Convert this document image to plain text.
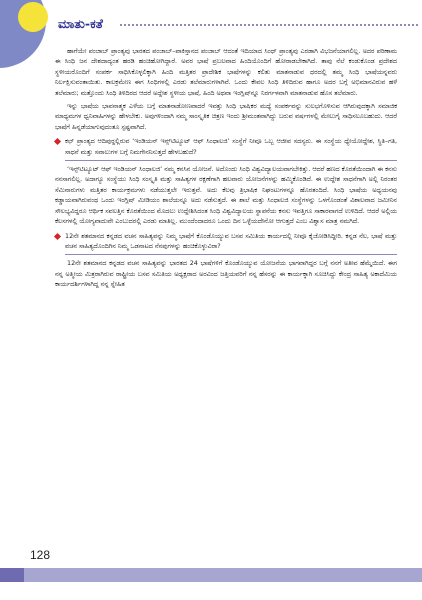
ಮಾತು-ಕತೆ

ಹಾಗೆಯೇ ಪಂಜಾಬ್ ಪ್ರಾಂತ್ಯವು ಭಾರತದ ಪಂಜಾಬ್–ಪಾಕಿಸ್ತಾನದ ಪಂಜಾಬ್ ಆದಂತೆ ಇದಿಯಾದ ಸಿಂಧ್ ಪ್ರಾಂತ್ಯವು ಎರಡಾಗಿ ವಿಭಜನೆಯಾಗಲಿಲ್ಲ. ಅದರ ಪರಿಣಾಮ ಈ ಸಿಂಧಿ ಜನ ದೇಶದಾದ್ಯಂತ ಹರಡಿ ಹಂಚಿಹೋಗಿದ್ದಾರೆ. ಅವರ ಭಾಷೆ ಪ್ರಬಲವಾದ ಹಿಂದಿಯೊಂದಿಗೆ ಹೋರಾಡಬೇಕಾಗಿದೆ. ತಾವು ನೆಲೆ ಕಂಡುಕೊಂಡ ಪ್ರದೇಶದ ಸ್ಥಳೀಯರೊಂದಿಗೆ ಸಂಪರ್ಕ ಸಾಧಿಸಿಕೊಳ್ಳಲಿಕ್ಕಾಗಿ ಹಿಂದಿ ಮತ್ತಿತರ ಪ್ರಾದೇಶಿಕ ಭಾಷೆಗಳನ್ನು ಕಲಿತು ಮಾತನಾಡುವ ಧರದಲ್ಲಿ ತಮ್ಮ ಸಿಂಧಿ ಭಾಷೆಯನ್ನವರು ನಿರ್ಲಕ್ಷಿಸುವಂತಾಯಿತು. ಕಾಲಕ್ರಮೇಣ ಈಗ ಸಿಂಧಿಗಳಲ್ಲಿ ಎರಡು ತಲೆಮಾರುಗಳಾಗಿವೆ. ಒಂದು ಕೇವಲ ಸಿಂಧಿ ತಿಳಿದಿರುವ ಹಾಗೂ ಅದರ ಬಗ್ಗೆ ಅಭಿಮಾನವಿರುವ ಹಳೆ ತಲೆಮಾರು; ಮತ್ತೊಂದು ಸಿಂಧಿ ತಿಳಿದಿರದ ಆದರೆ ಅದ್ದೇಶ ಸ್ಥಳೀಯ ಭಾಷೆ, ಹಿಂದಿ ಅಥವಾ ಇಂಗ್ಲಿಷ್‍ನ್ನೂ ನಿರರ್ಗಳವಾಗಿ ಮಾತನಾಡುವ ಹೊಸ ತಲೆಮಾರು.

ಇನ್ನು ಭಾಷೆಯ ಭಾವನಾತ್ಮಕ ಎಳೆಯ ಬಗ್ಗೆ ಮಾತನಾಡೋಣವಾದರೆ ಇವತ್ತು ಸಿಂಧಿ ಭಾಷಿಕರ ಮಧ್ಯೆ ಸಂಪರ್ಕವನ್ನು ಸುಲಭಗೊಳಿಸುವ ಆಗಿರುವುದಕ್ಕಾಗಿ ಸಮಾಜಿಕ ಮಾಧ್ಯಮಗಳ ಧ್ವನಿವಾಹಿಗಳನ್ನು ಹೇಳಬೇಕು. ಅವುಗಳಿಂದಾಗಿ ನಮ್ಮ ಸಾಂಸ್ಕೃತಿಕ ಚಿತ್ರಣ ಇಂದು ಶ್ರೀಮಂತವಾಗಿದ್ದು ಬರುವ ವರ್ಷಗಳಲ್ಲಿ ಮೇಲುಗೈ ಸಾಧಿಸಲೂಬಹುದು. ಆದರೆ ಭಾಷೆಗೆ ಹಿನ್ನಡೆಯಾಗುವುದಂತೂ ಸ್ಪಷ್ಟವಾಗಿದೆ.

ಕಛ್ ಪ್ರಾಂತ್ಯದ ಆದಿಪುರ್‍ದಲ್ಲಿರುವ ‘ಇಂಡಿಯನ್ ಇನ್ಸ್‌ಟಿಟ್ಯೂಟ್ ಆಫ್ ಸಿಂಧಾಲಜಿ’ ಸಂಸ್ಥೆಗೆ ನೀವೂ ಒಬ್ಬ ಆಜೀವ ಸದಸ್ಯರು. ಈ ಸಂಸ್ಥೆಯ ಧ್ಯೇಯೋದ್ದೇಶ, ಸ್ಥಿತಿ–ಗತಿ, ಸಾಧನೆ ಮತ್ತು ಸವಾಲುಗಳ ಬಗ್ಗೆ ನಿಮಗೇನನಿಸುತ್ತದೆ ಹೇಳಬಹುದೆ?

‘ಇನ್ಸ್‌ಟಿಟ್ಯೂಟ್ ಆಫ್ ಇಂಡಿಯನ್ ಸಿಂಧಾಲಜಿ’ ನಮ್ಮ ಕನಸಿನ ಯೋಜನೆ. ಅದೊಂದು ಸಿಂಧಿ ವಿಶ್ವವಿದ್ಯಾಲಯವಾಗಬೇಕಿತ್ತು. ಆದರೆ ಹಣದ ಕೊರತೆಯಿಂದಾಗಿ ಈ ಕನಸು ನನಸಾಗಲಿಲ್ಲ. ಅದಾಗ್ಯೂ ಸಂಸ್ಥೆಯು ಸಿಂಧಿ ಸಂಸ್ಕೃತಿ ಮತ್ತು ಸಾಹಿತ್ಯಗಳ ರಕ್ಷಣೆಗಾಗಿ ಹಲವಾರು ಯೋಜನೆಗಳನ್ನು ಹಮ್ಮಿಕೊಂಡಿದೆ. ಈ ಉದ್ದೇಶ ಸಾಧನೆಗಾಗಿ ಅಲ್ಲಿ ನಿರಂತರ ಸೆಮಿನಾರುಗಳು ಮತ್ತಿತರ ಕಾರ್ಯಕ್ರಮಗಳು ನಡೆಯುತ್ತಲೇ ಇರುತ್ತವೆ. ಅದು ಕೆಲವು ತ್ರಿಭಾಷಿಕ ನಿಘಂಟುಗಳನ್ನೂ ಹೊರತಂದಿದೆ. ಸಿಂಧಿ ಭಾಷೆಯ ಅಧ್ಯಯನವು ಕಡ್ಡಾಯವಾಗಿರುವಂಥ ಒಂದು ಇಂಗ್ಲಿಷ್ ಮೀಡಿಯಂ ಶಾಲೆಯನ್ನೂ ಅದು ನಡೆಸುತ್ತದೆ. ಈ ಶಾಲೆ ಮತ್ತು ಸಿಂಧಾಲಜಿ ಸಂಸ್ಥೆಗಳನ್ನು ಒಳಗೊಂಡಂತೆ ವಿಶಾಲವಾದ ಜಮೀನಿನ ಸೌಲಭ್ಯವಿದ್ದರೂ ಆರ್ಥಿಕ ಸವಲತ್ತಿನ ಕೊರತೆಯಿಂದ ಮೊದಲು ಉದ್ದೇಶಿಸಿದಂತ ಸಿಂಧಿ ವಿಶ್ವವಿದ್ಯಾಲಯ ಸ್ಥಾಪನೆಯ ಕನಸು ಇವತ್ತಿಗೂ ಸಾಕಾರವಾಗದೆ ಉಳಿದಿದೆ. ಆದರೆ ಅಲ್ಲಿಯ ಕೆಲಸಗಳಲ್ಲಿ ಯೋಗ್ಯವಾದುವೇ ಎಂಬುದರಲ್ಲಿ ಎರಡು ಮಾತಿಲ್ಲ. ಮುಂದೆಂದಾದರೂ ಒಂದು ದಿನ ಒಳ್ಳೆಯದೇನೋ ಆಗುತ್ತದೆ ಎಂಬ ವಿಶ್ವಾಸ ಮಾತ್ರ ನಮಗಿದೆ.

12ನೇ ಶತಮಾನದ ಕನ್ನಡದ ವಚನ ಸಾಹಿತ್ಯವನ್ನು ನಿಮ್ಮ ಭಾಷೆಗೆ ಕೊಂಡೊಯ್ಯುವ ಬಸವ ಸಮಿತಿಯ ಕಾರ್ಯದಲ್ಲಿ ನೀವೂ ಕೈಜೋಡಿಸಿದ್ದೀರಿ. ಕನ್ನಡ ನೆಲ, ಭಾಷೆ ಮತ್ತು ವಚನ ಸಾಹಿತ್ಯದೊಂದಿಗಿನ ನಿಮ್ಮ ಒಡನಾಟದ ನೆನಪುಗಳನ್ನು ಹಂಚಿಕೊಳ್ಳುವಿರಾ?

12ನೇ ಶತಮಾನದ ಕನ್ನಡದ ವಚನ ಸಾಹಿತ್ಯವನ್ನು ಭಾರತದ 24 ಭಾಷೆಗಳಿಗೆ ಕೊಂಡೊಯ್ಯುವ ಯೋಜನೆಯ ಭಾಗವಾಗಿದ್ದರ ಬಗ್ಗೆ ನನಗೆ ಅತೀವ ಹೆಮ್ಮೆಯಿದೆ. ಈಗ ನನ್ನ ಅತ್ಮೀಯ ಮಿತ್ರರಾಗಿರುವ ರಾಷ್ಟ್ರೀಯ ಬಸವ ಸಮಿತಿಯ ಅಧ್ಯಕ್ಷರಾದ ಅರವಿಂದ ಜತ್ತಿಯವರಿಗೆ ನನ್ನ ಹೆಸರನ್ನು ಈ ಕಾರ್ಯಕ್ಕಾಗಿ ಸೂಚಿಸಿದ್ದು ಕೇಂದ್ರ ಸಾಹಿತ್ಯ ಅಕಾದೆಮಿಯ ಕಾರ್ಯದರ್ಶಿಗಳಾಗಿದ್ದ ನನ್ನ ಸ್ನೇಹಿತ

128
